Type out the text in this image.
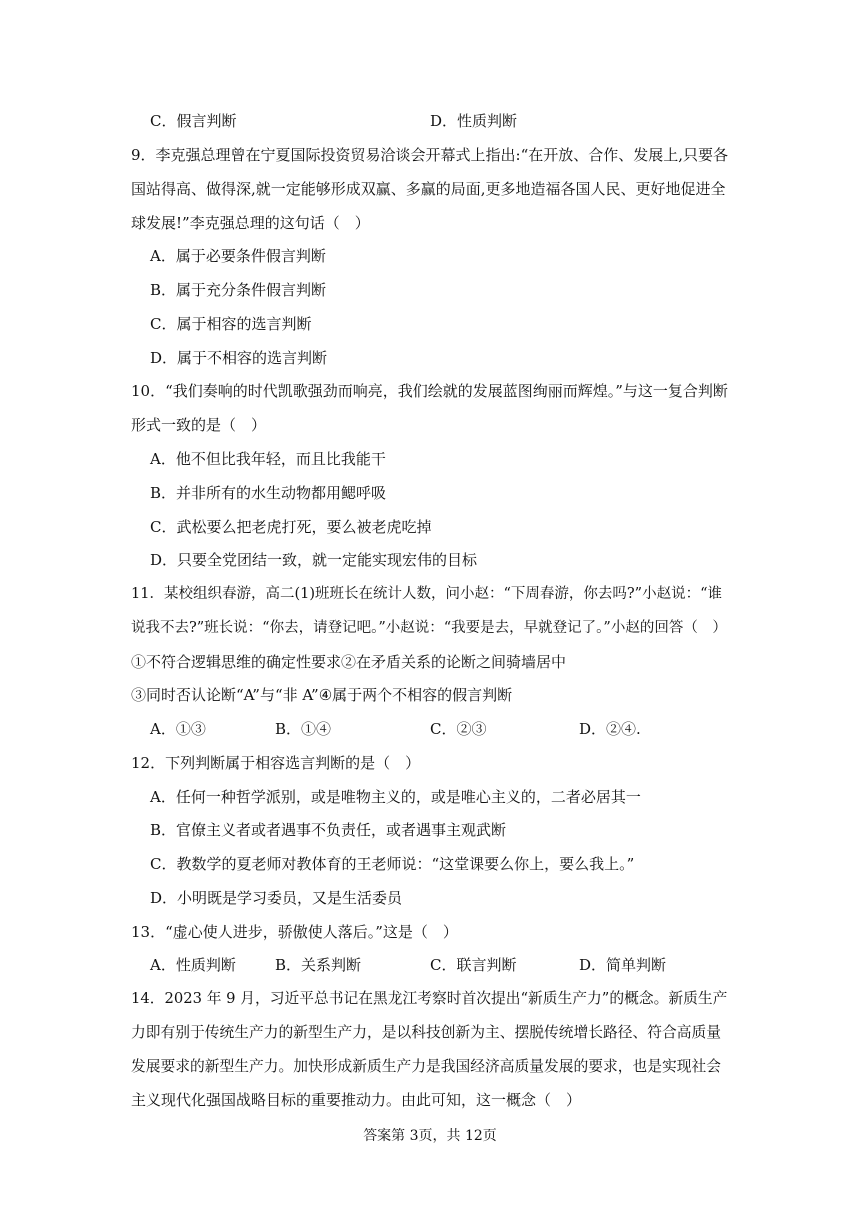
C．假言判断	D．性质判断
9．李克强总理曾在宁夏国际投资贸易洽谈会开幕式上指出:“在开放、合作、发展上,只要各
国站得高、做得深,就一定能够形成双赢、多赢的局面,更多地造福各国人民、更好地促进全
球发展!”李克强总理的这句话（　）
A．属于必要条件假言判断
B．属于充分条件假言判断
C．属于相容的选言判断
D．属于不相容的选言判断
10．“我们奏响的时代凯歌强劲而响亮，我们绘就的发展蓝图绚丽而辉煌。”与这一复合判断
形式一致的是（　）
A．他不但比我年轻，而且比我能干
B．并非所有的水生动物都用鳃呼吸
C．武松要么把老虎打死，要么被老虎吃掉
D．只要全党团结一致，就一定能实现宏伟的目标
11．某校组织春游，高二(1)班班长在统计人数，问小赵：“下周春游，你去吗?”小赵说：“谁
说我不去?”班长说：“你去，请登记吧。”小赵说：“我要是去，早就登记了。”小赵的回答（　）
①不符合逻辑思维的确定性要求②在矛盾关系的论断之间骑墙居中
③同时否认论断“A”与“非 A”④属于两个不相容的假言判断
A．①③	B．①④	C．②③	D．②④.
12．下列判断属于相容选言判断的是（　）
A．任何一种哲学派别，或是唯物主义的，或是唯心主义的，二者必居其一
B．官僚主义者或者遇事不负责任，或者遇事主观武断
C．教数学的夏老师对教体育的王老师说：“这堂课要么你上，要么我上。”
D．小明既是学习委员，又是生活委员
13．“虚心使人进步，骄傲使人落后。”这是（　）
A．性质判断	B．关系判断	C．联言判断	D．简单判断
14．2023 年 9 月，习近平总书记在黑龙江考察时首次提出“新质生产力”的概念。新质生产
力即有别于传统生产力的新型生产力，是以科技创新为主、摆脱传统增长路径、符合高质量
发展要求的新型生产力。加快形成新质生产力是我国经济高质量发展的要求，也是实现社会
主义现代化强国战略目标的重要推动力。由此可知，这一概念（　）
答案第 3页，共 12页
